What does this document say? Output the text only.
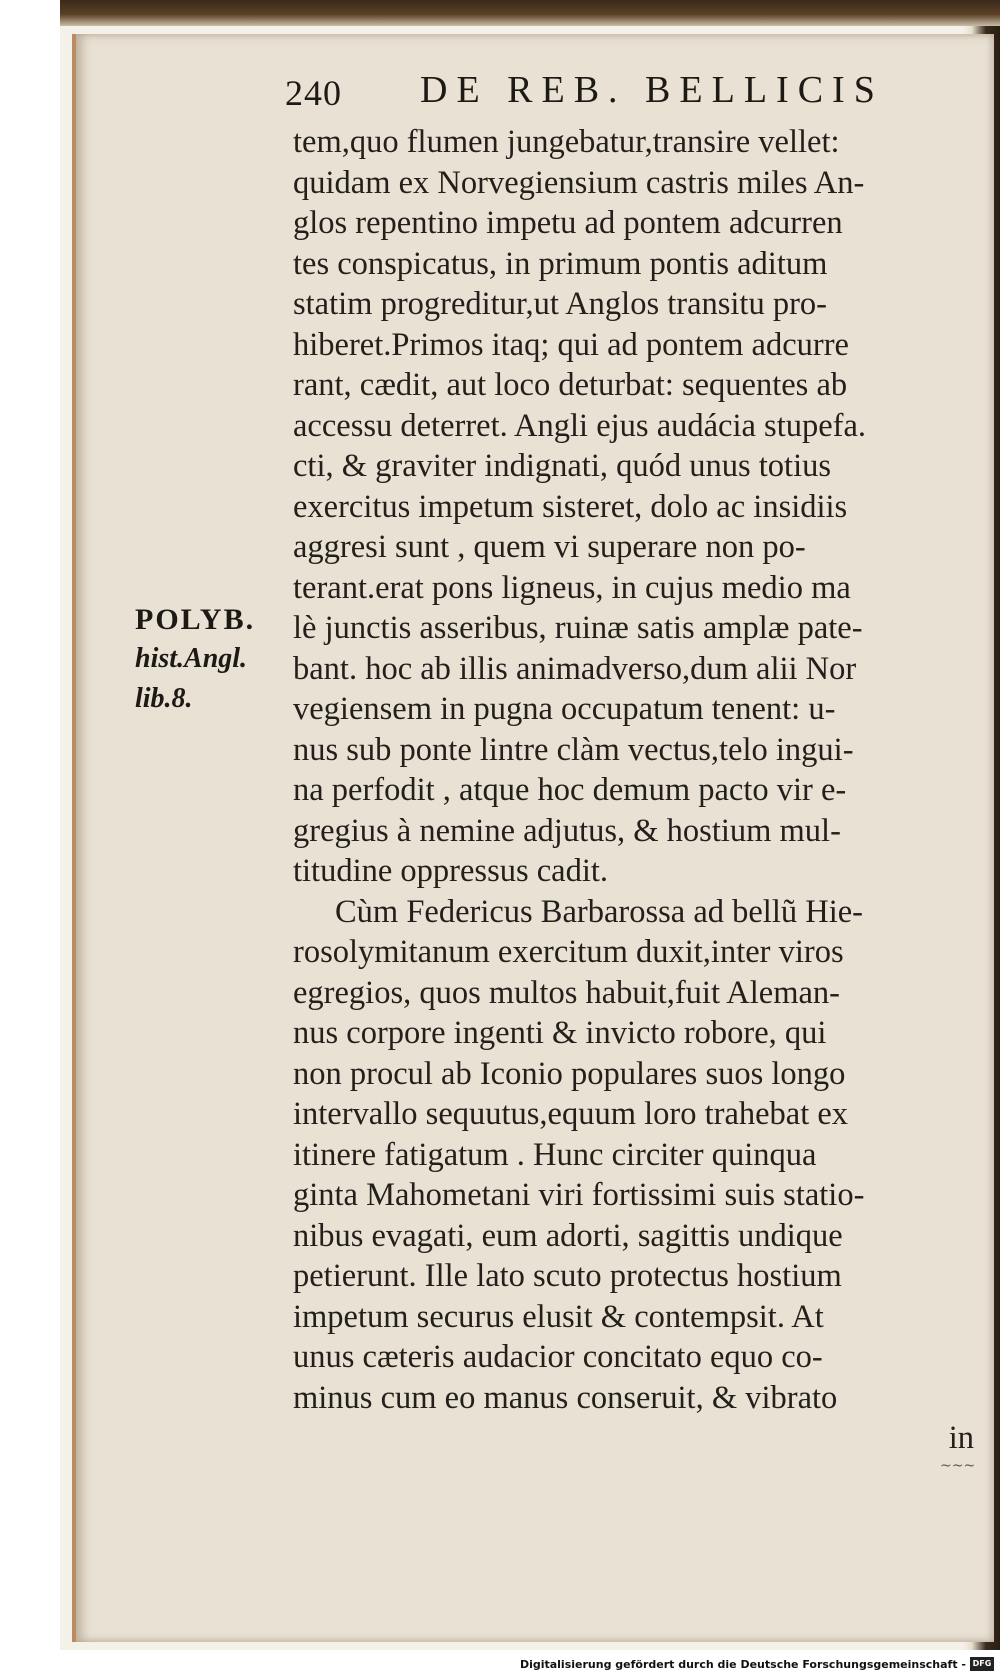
240 DE REB. BELLICIS
POLYB.
hist.Angl.
lib.8.
tem,quo flumen jungebatur,transire vellet:
quidam ex Norvegiensium castris miles An-
glos repentino impetu ad pontem adcurren
tes conspicatus, in primum pontis aditum
statim progreditur,ut Anglos transitu pro-
hiberet.Primos itaq; qui ad pontem adcurre
rant, cædit, aut loco deturbat: sequentes ab
accessu deterret. Angli ejus audácia stupefa.
cti, & graviter indignati, quód unus totius
exercitus impetum sisteret, dolo ac insidiis
aggresi sunt , quem vi superare non po-
terant.erat pons ligneus, in cujus medio ma
lè junctis asseribus, ruinæ satis amplæ pate-
bant. hoc ab illis animadverso,dum alii Nor
vegiensem in pugna occupatum tenent: u-
nus sub ponte lintre clàm vectus,telo ingui-
na perfodit , atque hoc demum pacto vir e-
gregius à nemine adjutus, & hostium mul-
titudine oppressus cadit.
Cùm Federicus Barbarossa ad bellũ Hie-
rosolymitanum exercitum duxit,inter viros
egregios, quos multos habuit,fuit Aleman-
nus corpore ingenti & invicto robore, qui
non procul ab Iconio populares suos longo
intervallo sequutus,equum loro trahebat ex
itinere fatigatum . Hunc circiter quinqua
ginta Mahometani viri fortissimi suis statio-
nibus evagati, eum adorti, sagittis undique
petierunt. Ille lato scuto protectus hostium
impetum securus elusit & contempsit. At
unus cæteris audacior concitato equo co-
minus cum eo manus conseruit, & vibrato
in
~~~
Digitalisierung gefördert durch die Deutsche Forschungsgemeinschaft - DFG
